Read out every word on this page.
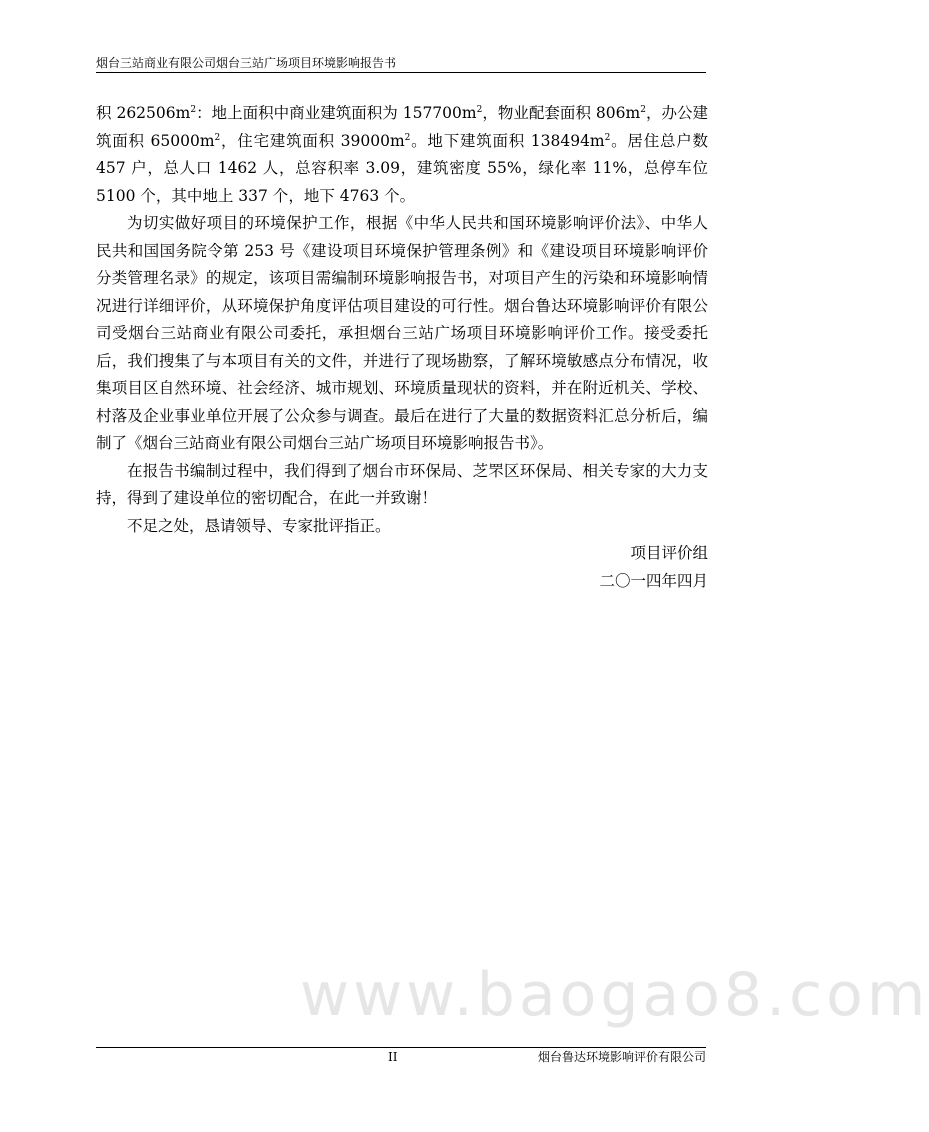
烟台三站商业有限公司烟台三站广场项目环境影响报告书

积 $262506m^2$：地上面积中商业建筑面积为 $157700m^2$，物业配套面积 $806m^2$，办公建筑面积 $65000m^2$，住宅建筑面积 $39000m^2$。地下建筑面积 $138494m^2$。居住总户数 457 户，总人口 1462 人，总容积率 3.09，建筑密度 55%，绿化率 11%，总停车位 5100 个，其中地上 337 个，地下 4763 个。

为切实做好项目的环境保护工作，根据《中华人民共和国环境影响评价法》、中华人民共和国国务院令第 253 号《建设项目环境保护管理条例》和《建设项目环境影响评价分类管理名录》的规定，该项目需编制环境影响报告书，对项目产生的污染和环境影响情况进行详细评价，从环境保护角度评估项目建设的可行性。烟台鲁达环境影响评价有限公司受烟台三站商业有限公司委托，承担烟台三站广场项目环境影响评价工作。接受委托后，我们搜集了与本项目有关的文件，并进行了现场勘察，了解环境敏感点分布情况，收集项目区自然环境、社会经济、城市规划、环境质量现状的资料，并在附近机关、学校、村落及企业事业单位开展了公众参与调查。最后在进行了大量的数据资料汇总分析后，编制了《烟台三站商业有限公司烟台三站广场项目环境影响报告书》。

在报告书编制过程中，我们得到了烟台市环保局、芝罘区环保局、相关专家的大力支持，得到了建设单位的密切配合，在此一并致谢！

不足之处，恳请领导、专家批评指正。

项目评价组

二〇一四年四月

www.baogao8.com
II	烟台鲁达环境影响评价有限公司
